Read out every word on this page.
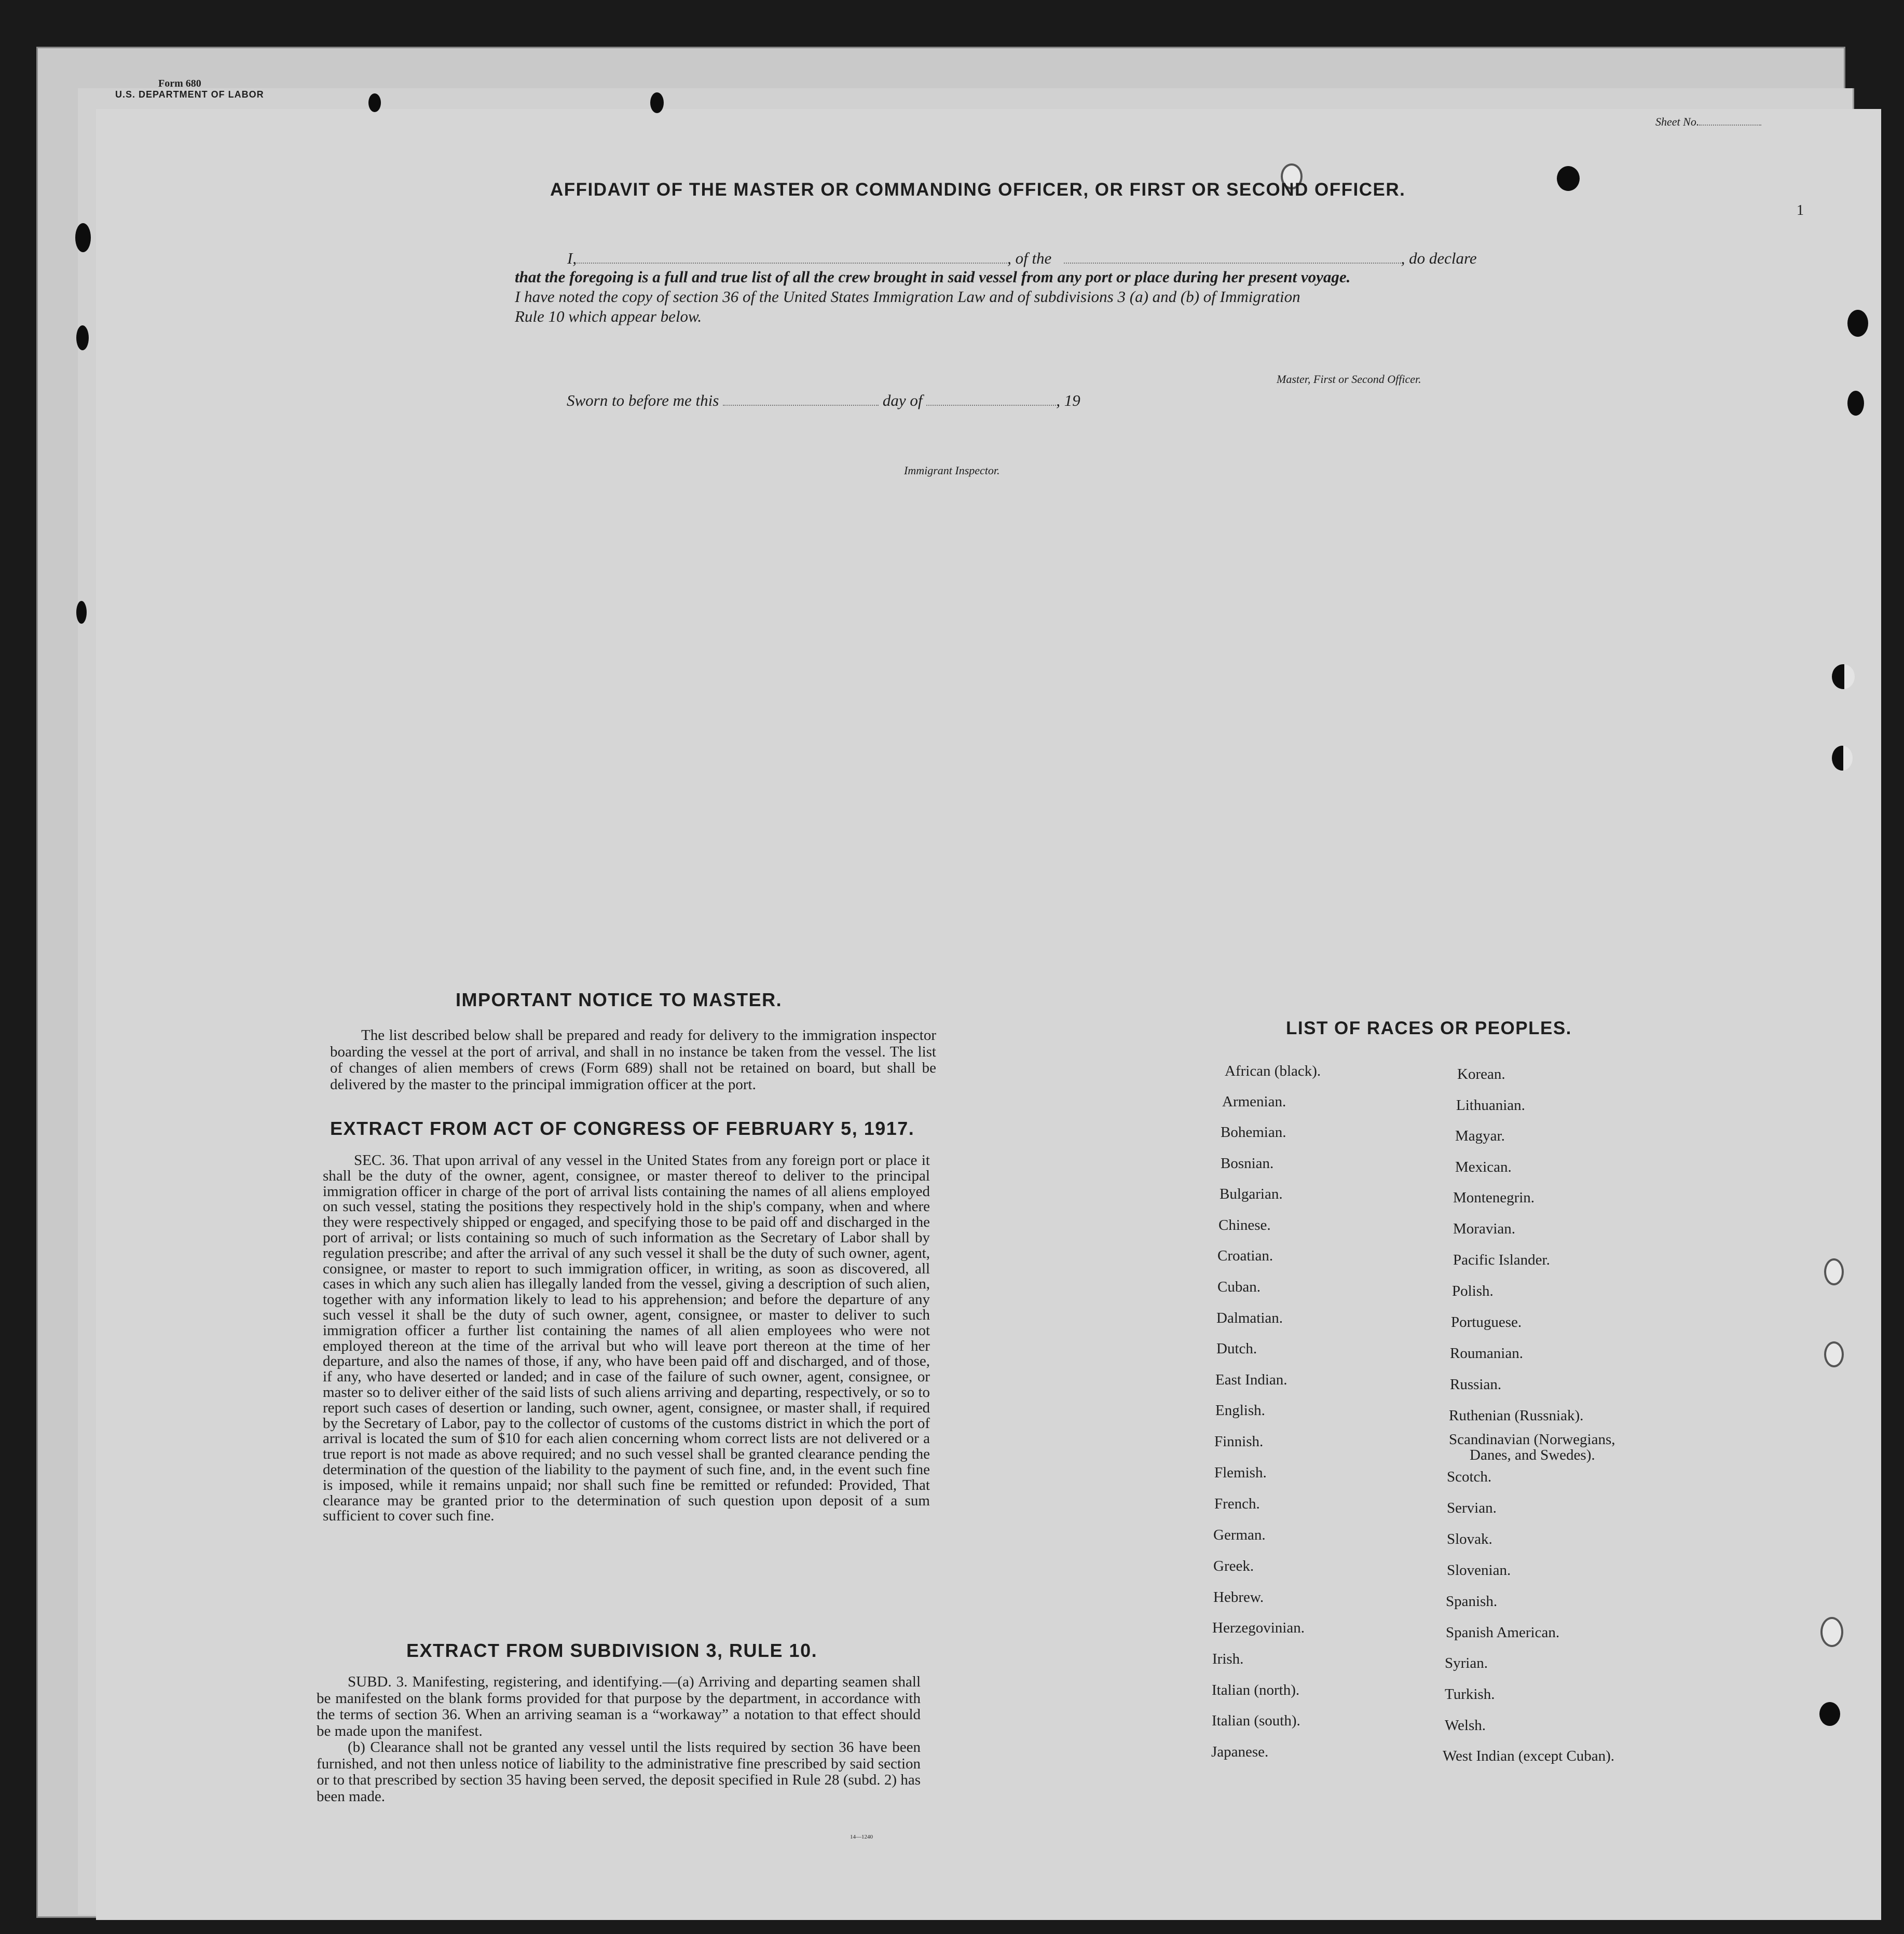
Form 680
U.S. DEPARTMENT OF LABOR
Sheet No.
1
AFFIDAVIT OF THE MASTER OR COMMANDING OFFICER, OR FIRST OR SECOND OFFICER.
I,	, of the	, do declare
that the foregoing is a full and true list of all the crew brought in said vessel from any port or place during her present voyage.
I have noted the copy of section 36 of the United States Immigration Law and of subdivisions 3 (a) and (b) of Immigration
Rule 10 which appear below.
Master, First or Second Officer.
Sworn to before me this	day of	, 19
Immigrant Inspector.
IMPORTANT NOTICE TO MASTER.

The list described below shall be prepared and ready for delivery to the immigration inspector boarding the vessel at the port of arrival, and shall in no instance be taken from the vessel. The list of changes of alien members of crews (Form 689) shall not be retained on board, but shall be delivered by the master to the principal immigration officer at the port.

EXTRACT FROM ACT OF CONGRESS OF FEBRUARY 5, 1917.

SEC. 36. That upon arrival of any vessel in the United States from any foreign port or place it shall be the duty of the owner, agent, consignee, or master thereof to deliver to the principal immigration officer in charge of the port of arrival lists containing the names of all aliens employed on such vessel, stating the positions they respectively hold in the ship's company, when and where they were respectively shipped or engaged, and specifying those to be paid off and discharged in the port of arrival; or lists containing so much of such information as the Secretary of Labor shall by regulation prescribe; and after the arrival of any such vessel it shall be the duty of such owner, agent, consignee, or master to report to such immigration officer, in writing, as soon as discovered, all cases in which any such alien has illegally landed from the vessel, giving a description of such alien, together with any information likely to lead to his apprehension; and before the departure of any such vessel it shall be the duty of such owner, agent, consignee, or master to deliver to such immigration officer a further list containing the names of all alien employees who were not employed thereon at the time of the arrival but who will leave port thereon at the time of her departure, and also the names of those, if any, who have been paid off and discharged, and of those, if any, who have deserted or landed; and in case of the failure of such owner, agent, consignee, or master so to deliver either of the said lists of such aliens arriving and departing, respectively, or so to report such cases of desertion or landing, such owner, agent, consignee, or master shall, if required by the Secretary of Labor, pay to the collector of customs of the customs district in which the port of arrival is located the sum of $10 for each alien concerning whom correct lists are not delivered or a true report is not made as above required; and no such vessel shall be granted clearance pending the determination of the question of the liability to the payment of such fine, and, in the event such fine is imposed, while it remains unpaid; nor shall such fine be remitted or refunded: Provided, That clearance may be granted prior to the determination of such question upon deposit of a sum sufficient to cover such fine.

EXTRACT FROM SUBDIVISION 3, RULE 10.

SUBD. 3. Manifesting, registering, and identifying.—(a) Arriving and departing seamen shall be manifested on the blank forms provided for that purpose by the department, in accordance with the terms of section 36. When an arriving seaman is a “workaway” a notation to that effect should be made upon the manifest.

(b) Clearance shall not be granted any vessel until the lists required by section 36 have been furnished, and not then unless notice of liability to the administrative fine prescribed by said section or to that prescribed by section 35 having been served, the deposit specified in Rule 28 (subd. 2) has been made.

14—1240
LIST OF RACES OR PEOPLES.
African (black).
Armenian.
Bohemian.
Bosnian.
Bulgarian.
Chinese.
Croatian.
Cuban.
Dalmatian.
Dutch.
East Indian.
English.
Finnish.
Flemish.
French.
German.
Greek.
Hebrew.
Herzegovinian.
Irish.
Italian (north).
Italian (south).
Japanese.
Korean.
Lithuanian.
Magyar.
Mexican.
Montenegrin.
Moravian.
Pacific Islander.
Polish.
Portuguese.
Roumanian.
Russian.
Ruthenian (Russniak).
Scandinavian (Norwegians,
Danes, and Swedes).
Scotch.
Servian.
Slovak.
Slovenian.
Spanish.
Spanish American.
Syrian.
Turkish.
Welsh.
West Indian (except Cuban).
